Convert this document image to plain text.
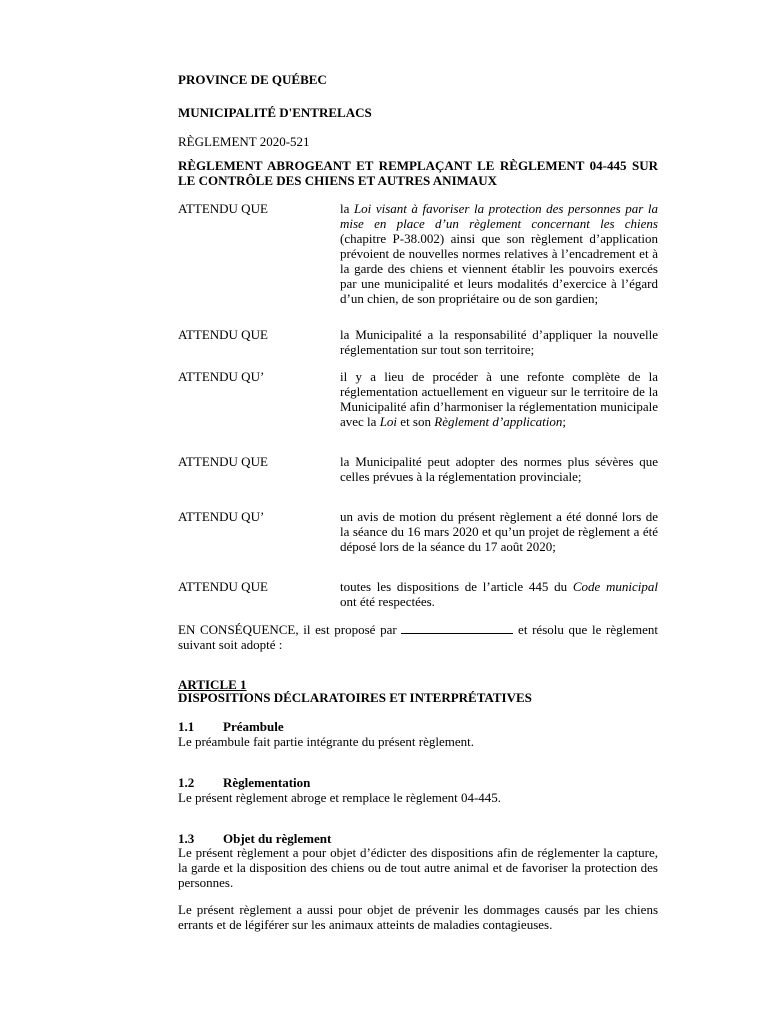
PROVINCE DE QUÉBEC
MUNICIPALITÉ D'ENTRELACS
RÈGLEMENT 2020-521
RÈGLEMENT ABROGEANT ET REMPLAÇANT LE RÈGLEMENT 04-445 SUR LE CONTRÔLE DES CHIENS ET AUTRES ANIMAUX
ATTENDU QUE	la Loi visant à favoriser la protection des personnes par la mise en place d’un règlement concernant les chiens (chapitre P-38.002) ainsi que son règlement d’application prévoient de nouvelles normes relatives à l’encadrement et à la garde des chiens et viennent établir les pouvoirs exercés par une municipalité et leurs modalités d’exercice à l’égard d’un chien, de son propriétaire ou de son gardien;
ATTENDU QUE	la Municipalité a la responsabilité d’appliquer la nouvelle réglementation sur tout son territoire;
ATTENDU QU’	il y a lieu de procéder à une refonte complète de la réglementation actuellement en vigueur sur le territoire de la Municipalité afin d’harmoniser la réglementation municipale avec la Loi et son Règlement d’application;
ATTENDU QUE	la Municipalité peut adopter des normes plus sévères que celles prévues à la réglementation provinciale;
ATTENDU QU’	un avis de motion du présent règlement a été donné lors de la séance du 16 mars 2020 et qu’un projet de règlement a été déposé lors de la séance du 17 août 2020;
ATTENDU QUE	toutes les dispositions de l’article 445 du Code municipal ont été respectées.
EN CONSÉQUENCE, il est proposé par	et résolu que le règlement suivant soit adopté :
ARTICLE 1
DISPOSITIONS DÉCLARATOIRES ET INTERPRÉTATIVES
1.1 Préambule
Le préambule fait partie intégrante du présent règlement.
1.2 Règlementation
Le présent règlement abroge et remplace le règlement 04-445.
1.3 Objet du règlement
Le présent règlement a pour objet d’édicter des dispositions afin de réglementer la capture, la garde et la disposition des chiens ou de tout autre animal et de favoriser la protection des personnes.
Le présent règlement a aussi pour objet de prévenir les dommages causés par les chiens errants et de légiférer sur les animaux atteints de maladies contagieuses.
